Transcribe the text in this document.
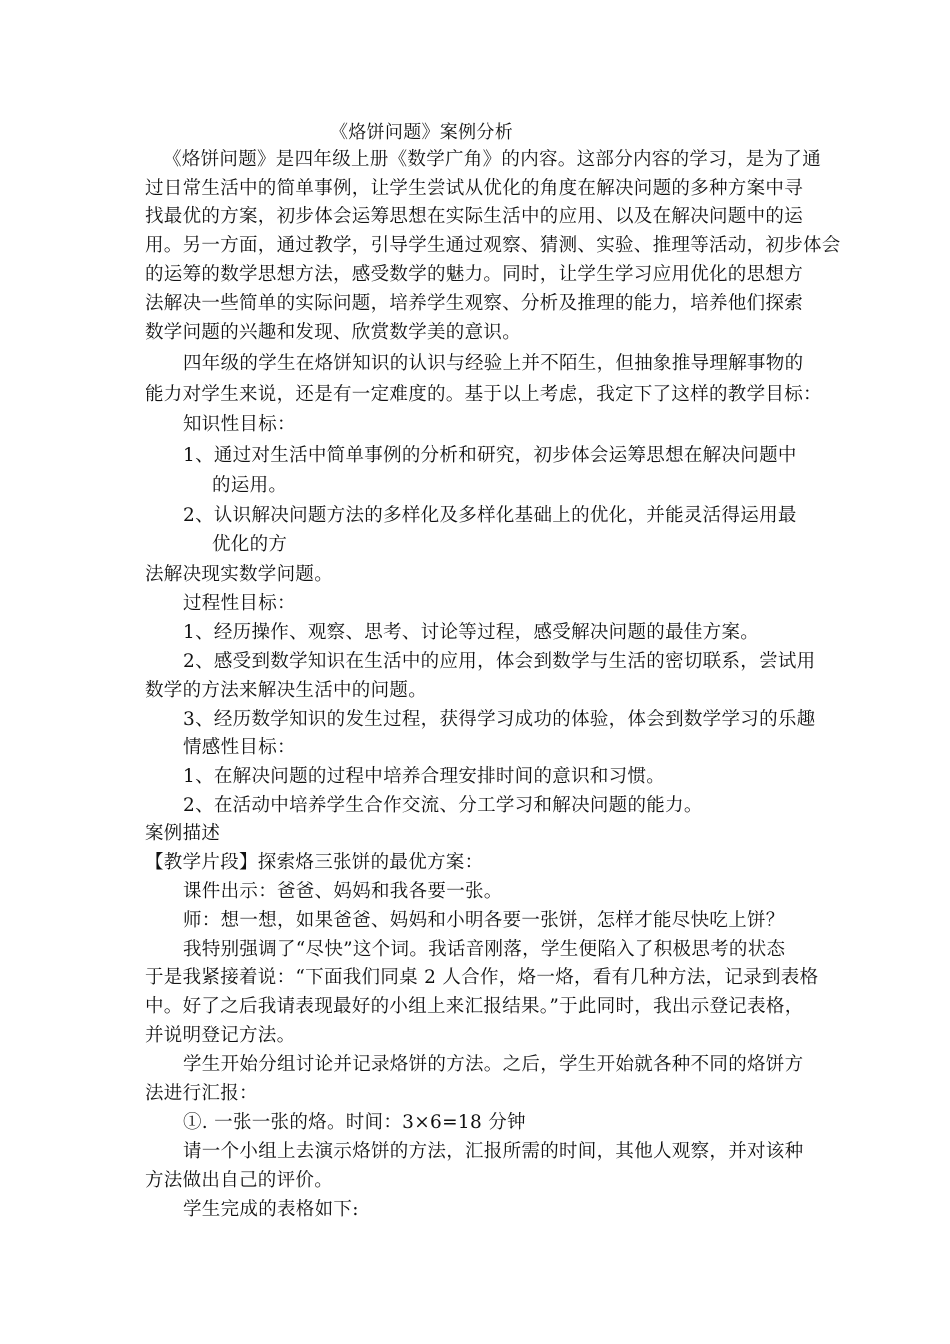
《烙饼问题》案例分析
《烙饼问题》是四年级上册《数学广角》的内容。这部分内容的学习，是为了通
过日常生活中的简单事例，让学生尝试从优化的角度在解决问题的多种方案中寻
找最优的方案，初步体会运筹思想在实际生活中的应用、以及在解决问题中的运
用。另一方面，通过教学，引导学生通过观察、猜测、实验、推理等活动，初步体会
的运筹的数学思想方法，感受数学的魅力。同时，让学生学习应用优化的思想方
法解决一些简单的实际问题，培养学生观察、分析及推理的能力，培养他们探索
数学问题的兴趣和发现、欣赏数学美的意识。
四年级的学生在烙饼知识的认识与经验上并不陌生，但抽象推导理解事物的
能力对学生来说，还是有一定难度的。基于以上考虑，我定下了这样的教学目标：
知识性目标：
1、通过对生活中简单事例的分析和研究，初步体会运筹思想在解决问题中
的运用。
2、认识解决问题方法的多样化及多样化基础上的优化，并能灵活得运用最
优化的方
法解决现实数学问题。
过程性目标：
1、经历操作、观察、思考、讨论等过程，感受解决问题的最佳方案。
2、感受到数学知识在生活中的应用，体会到数学与生活的密切联系，尝试用
数学的方法来解决生活中的问题。
3、经历数学知识的发生过程，获得学习成功的体验，体会到数学学习的乐趣
情感性目标：
1、在解决问题的过程中培养合理安排时间的意识和习惯。
2、在活动中培养学生合作交流、分工学习和解决问题的能力。
案例描述
【教学片段】探索烙三张饼的最优方案：
课件出示：爸爸、妈妈和我各要一张。
师：想一想，如果爸爸、妈妈和小明各要一张饼，怎样才能尽快吃上饼？
我特别强调了“尽快”这个词。我话音刚落，学生便陷入了积极思考的状态
于是我紧接着说：“下面我们同桌 2 人合作，烙一烙，看有几种方法，记录到表格
中。好了之后我请表现最好的小组上来汇报结果。”于此同时，我出示登记表格，
并说明登记方法。
学生开始分组讨论并记录烙饼的方法。之后，学生开始就各种不同的烙饼方
法进行汇报：
①. 一张一张的烙。时间：3×6=18 分钟
请一个小组上去演示烙饼的方法，汇报所需的时间，其他人观察，并对该种
方法做出自己的评价。
学生完成的表格如下:
